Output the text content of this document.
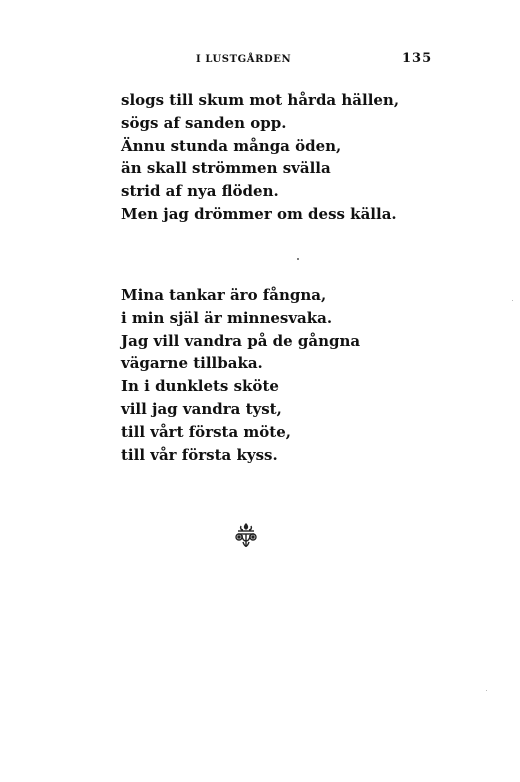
I LUSTGÅRDEN	135
slogs till skum mot hårda hällen,
sögs af sanden opp.
Ännu stunda många öden,
än skall strömmen svälla
strid af nya flöden.
Men jag drömmer om dess källa.
Mina tankar äro fångna,
i min själ är minnesvaka.
Jag vill vandra på de gångna
vägarne tillbaka.
In i dunklets sköte
vill jag vandra tyst,
till vårt första möte,
till vår första kyss.
